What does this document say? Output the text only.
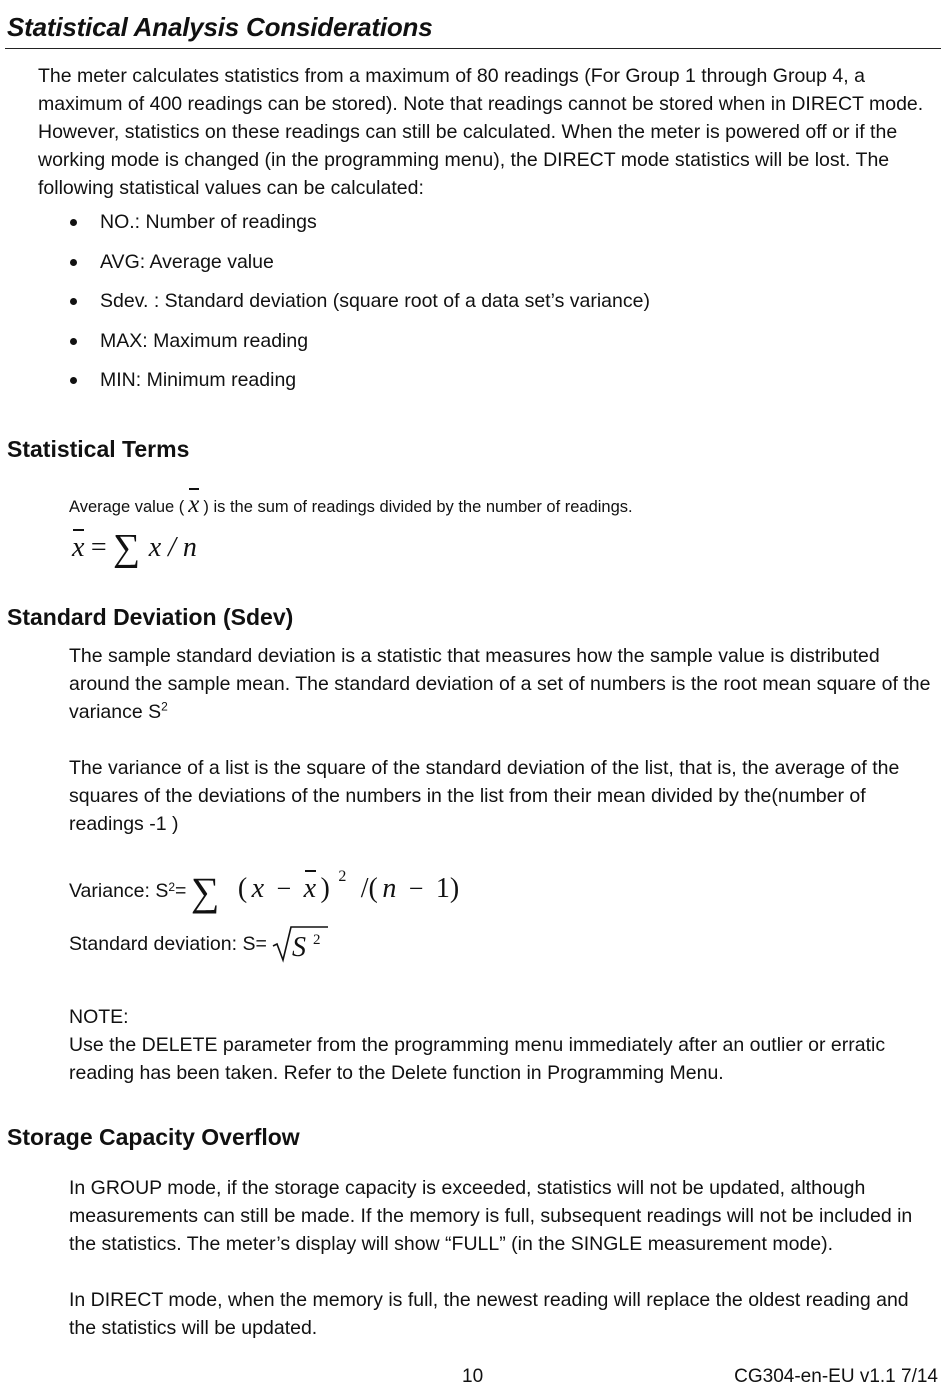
Statistical Analysis Considerations
The meter calculates statistics from a maximum of 80 readings (For Group 1 through Group 4, a maximum of 400 readings can be stored). Note that readings cannot be stored when in DIRECT mode. However, statistics on these readings can still be calculated. When the meter is powered off or if the working mode is changed (in the programming menu), the DIRECT mode statistics will be lost. The following statistical values can be calculated:
NO.: Number of readings
AVG: Average value
Sdev. : Standard deviation (square root of a data set’s variance)
MAX: Maximum reading
MIN: Minimum reading
Statistical Terms
Average value ( x ) is the sum of readings divided by the number of readings.
x = ∑ x / n
Standard Deviation (Sdev)
The sample standard deviation is a statistic that measures how the sample value is distributed around the sample mean. The standard deviation of a set of numbers is the root mean square of the variance $S^2$
The variance of a list is the square of the standard deviation of the list, that is, the average of the squares of the deviations of the numbers in the list from their mean divided by the(number of readings -1 )
Variance: $S^2=$ ∑ ( x − x ) 2 /( n − 1)
Standard deviation: S= S 2
NOTE:
Use the DELETE parameter from the programming menu immediately after an outlier or erratic reading has been taken. Refer to the Delete function in Programming Menu.
Storage Capacity Overflow
In GROUP mode, if the storage capacity is exceeded, statistics will not be updated, although measurements can still be made. If the memory is full, subsequent readings will not be included in the statistics. The meter’s display will show “FULL” (in the SINGLE measurement mode).
In DIRECT mode, when the memory is full, the newest reading will replace the oldest reading and the statistics will be updated.
10	CG304-en-EU v1.1 7/14
